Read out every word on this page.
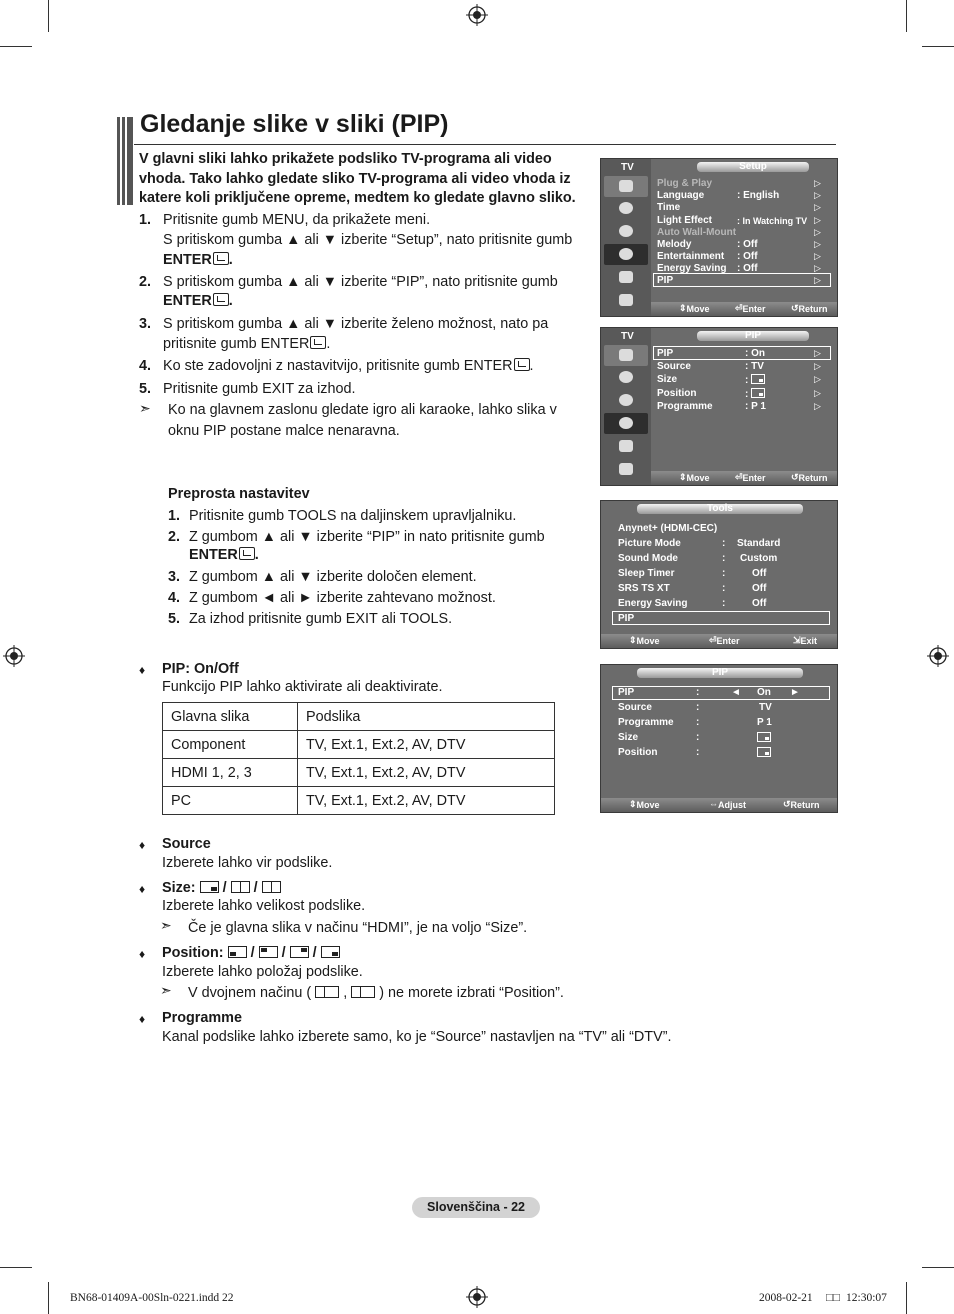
Gledanje slike v sliki (PIP)
V glavni sliki lahko prikažete podsliko TV-programa ali video vhoda. Tako lahko gledate sliko TV-programa ali video vhoda iz katere koli priključene opreme, medtem ko gledate glavno sliko.
1. Pritisnite gumb MENU, da prikažete meni.
S pritiskom gumba ▲ ali ▼ izberite “Setup”, nato pritisnite gumb
ENTER .
2. S pritiskom gumba ▲ ali ▼ izberite “PIP”, nato pritisnite gumb
ENTER .
3. S pritiskom gumba ▲ ali ▼ izberite želeno možnost, nato pa
pritisnite gumb ENTER .
4. Ko ste zadovoljni z nastavitvijo, pritisnite gumb ENTER .
5. Pritisnite gumb EXIT za izhod.
➣ Ko na glavnem zaslonu gledate igro ali karaoke, lahko slika v
oknu PIP postane malce nenaravna.
Preprosta nastavitev
1. Pritisnite gumb TOOLS na daljinskem upravljalniku.
2. Z gumbom ▲ ali ▼ izberite “PIP” in nato pritisnite gumb
ENTER .
3. Z gumbom ▲ ali ▼ izberite določen element.
4. Z gumbom ◄ ali ► izberite zahtevano možnost.
5. Za izhod pritisnite gumb EXIT ali TOOLS.
♦ PIP: On/Off
Funkcijo PIP lahko aktivirate ali deaktivirate.
Glavna slika	Podslika
Component	TV, Ext.1, Ext.2, AV, DTV
HDMI 1, 2, 3	TV, Ext.1, Ext.2, AV, DTV
PC	TV, Ext.1, Ext.2, AV, DTV
♦ Source
Izberete lahko vir podslike.
♦ Size: / /
Izberete lahko velikost podslike.
➣ Če je glavna slika v načinu “HDMI”, je na voljo “Size”.
♦ Position: / / /
Izberete lahko položaj podslike.
➣ V dvojnem načinu ( , ) ne morete izbrati “Position”.
♦ Programme
Kanal podslike lahko izberete samo, ko je “Source” nastavljen na “TV” ali “DTV”.
TV	Setup
Plug & Play
Language	: English
Time
Light Effect	: In Watching TV
Auto Wall-Mount
Melody	: Off
Entertainment : Off
Energy Saving : Off
PIP
▷
▷
▷
▷
▷
▷
▷
▷
▷
⇕ Move	⏎ Enter	↺ Return
TV	PIP
PIP	: On
Source	: TV
Size	:
Position	:
Programme	: P 1
▷
▷
▷
▷
▷
⇕ Move	⏎ Enter	↺ Return
Tools
Anynet+ (HDMI-CEC)
Picture Mode	: Standard
Sound Mode	: Custom
Sleep Timer	:	Off
SRS TS XT	:	Off
Energy Saving	:	Off
PIP
⇕ Move	⏎ Enter	⇲ Exit
PIP
PIP	:	◄ On ►
Source	:	TV
Programme :	P 1
Size	:
Position	:
⇕ Move	⇔ Adjust	↺ Return
Slovenščina - 22
BN68-01409A-00Sln-0221.indd 22	2008-02-21 □□ 12:30:07
